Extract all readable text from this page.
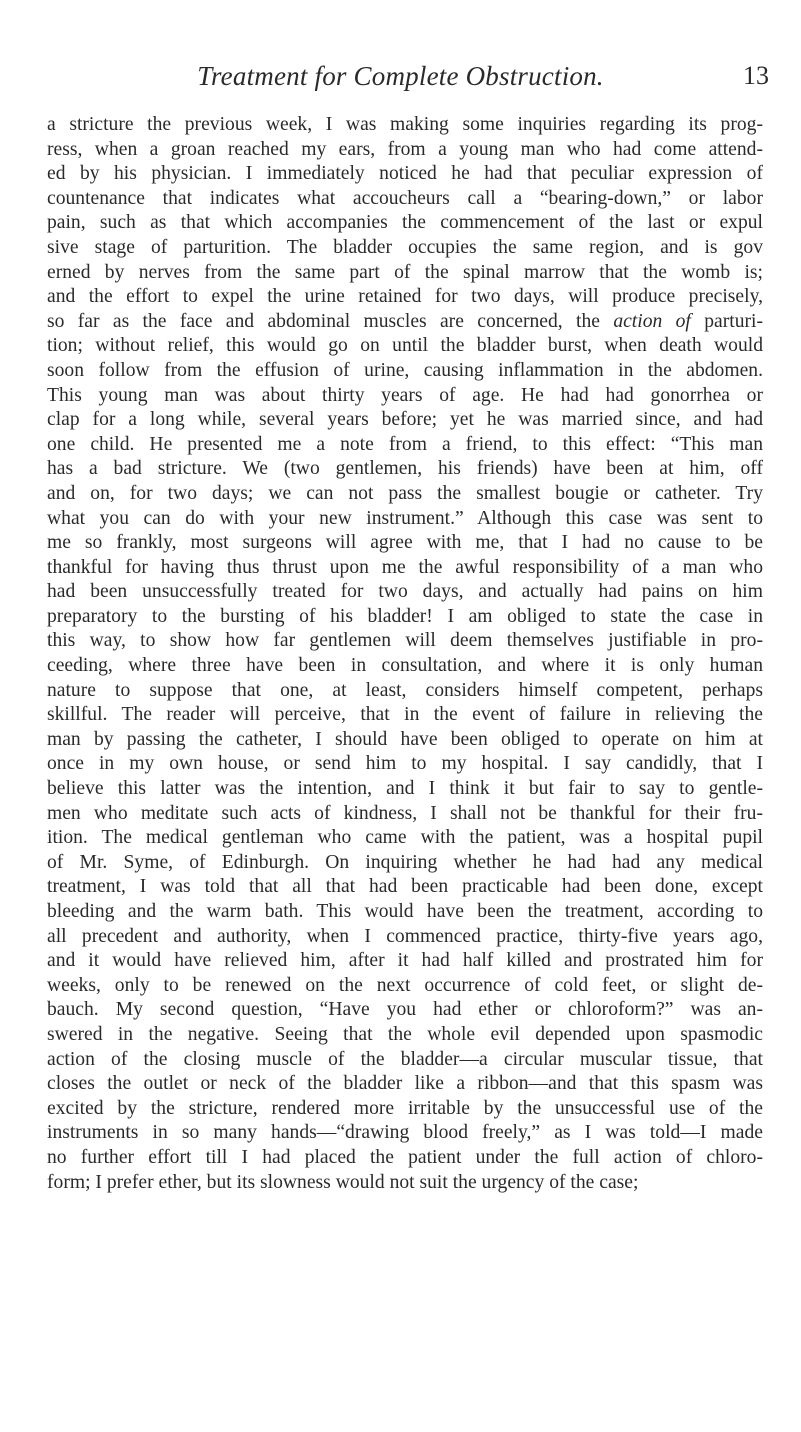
Treatment for Complete Obstruction.	13
a stricture the previous week, I was making some inquiries regarding its prog-
ress, when a groan reached my ears, from a young man who had come attend-
ed by his physician. I immediately noticed he had that peculiar expression of
countenance that indicates what accoucheurs call a “bearing-down,” or labor
pain, such as that which accompanies the commencement of the last or expul
sive stage of parturition. The bladder occupies the same region, and is gov
erned by nerves from the same part of the spinal marrow that the womb is;
and the effort to expel the urine retained for two days, will produce precisely,
so far as the face and abdominal muscles are concerned, the action of parturi-
tion; without relief, this would go on until the bladder burst, when death would
soon follow from the effusion of urine, causing inflammation in the abdomen.
This young man was about thirty years of age. He had had gonorrhea or
clap for a long while, several years before; yet he was married since, and had
one child. He presented me a note from a friend, to this effect: “This man
has a bad stricture. We (two gentlemen, his friends) have been at him, off
and on, for two days; we can not pass the smallest bougie or catheter. Try
what you can do with your new instrument.” Although this case was sent to
me so frankly, most surgeons will agree with me, that I had no cause to be
thankful for having thus thrust upon me the awful responsibility of a man who
had been unsuccessfully treated for two days, and actually had pains on him
preparatory to the bursting of his bladder! I am obliged to state the case in
this way, to show how far gentlemen will deem themselves justifiable in pro-
ceeding, where three have been in consultation, and where it is only human
nature to suppose that one, at least, considers himself competent, perhaps
skillful. The reader will perceive, that in the event of failure in relieving the
man by passing the catheter, I should have been obliged to operate on him at
once in my own house, or send him to my hospital. I say candidly, that I
believe this latter was the intention, and I think it but fair to say to gentle-
men who meditate such acts of kindness, I shall not be thankful for their fru-
ition. The medical gentleman who came with the patient, was a hospital pupil
of Mr. Syme, of Edinburgh. On inquiring whether he had had any medical
treatment, I was told that all that had been practicable had been done, except
bleeding and the warm bath. This would have been the treatment, according to
all precedent and authority, when I commenced practice, thirty-five years ago,
and it would have relieved him, after it had half killed and prostrated him for
weeks, only to be renewed on the next occurrence of cold feet, or slight de-
bauch. My second question, “Have you had ether or chloroform?” was an-
swered in the negative. Seeing that the whole evil depended upon spasmodic
action of the closing muscle of the bladder—a circular muscular tissue, that
closes the outlet or neck of the bladder like a ribbon—and that this spasm was
excited by the stricture, rendered more irritable by the unsuccessful use of the
instruments in so many hands—“drawing blood freely,” as I was told—I made
no further effort till I had placed the patient under the full action of chloro-
form; I prefer ether, but its slowness would not suit the urgency of the case;
